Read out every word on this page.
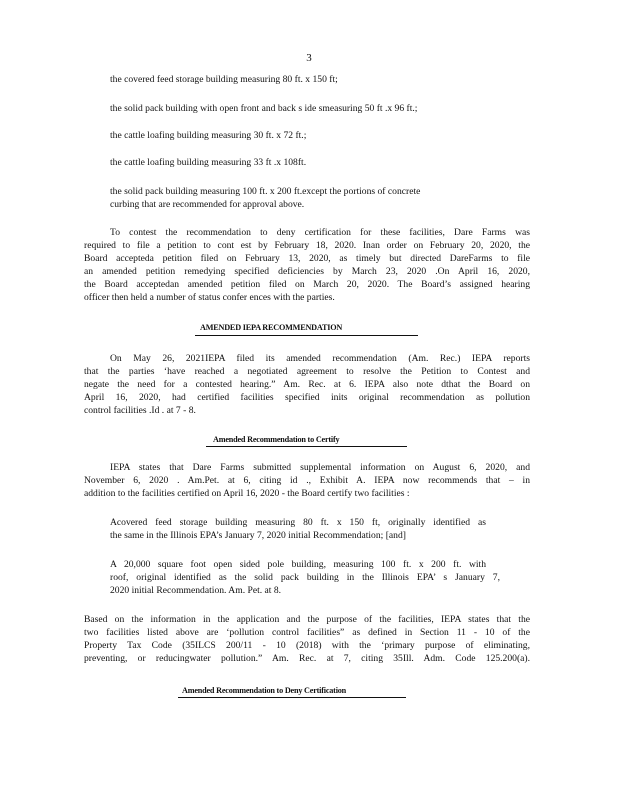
3
the covered feed storage building measuring 80 ft. x 150 ft;
the solid pack building with open front and back s ide smeasuring 50 ft .x 96 ft.;
the cattle loafing building measuring 30 ft. x 72 ft.;
the cattle loafing building measuring 33 ft .x 108ft.
the solid pack building measuring 100 ft. x 200 ft.except the portions of concrete
curbing that are recommended for approval above.
To contest the recommendation to deny certification for these facilities, Dare Farms was
required to file a petition to cont est by February 18, 2020. Inan order on February 20, 2020, the
Board accepteda petition filed on February 13, 2020, as timely but directed DareFarms to file
an amended petition remedying specified deficiencies by March 23, 2020 .On April 16, 2020,
the Board acceptedan amended petition filed on March 20, 2020. The Board’s assigned hearing
officer then held a number of status confer ences with the parties.
AMENDED IEPA RECOMMENDATION
On May 26, 2021IEPA filed its amended recommendation (Am. Rec.) IEPA reports
that the parties ‘have reached a negotiated agreement to resolve the Petition to Contest and
negate the need for a contested hearing.” Am. Rec. at 6. IEPA also note dthat the Board on
April 16, 2020, had certified facilities specified inits original recommendation as pollution
control facilities .Id . at 7 - 8.
Amended Recommendation to Certify
IEPA states that Dare Farms submitted supplemental information on August 6, 2020, and
November 6, 2020 . Am.Pet. at 6, citing id ., Exhibit A. IEPA now recommends that – in
addition to the facilities certified on April 16, 2020 - the Board certify two facilities :
Acovered feed storage building measuring 80 ft. x 150 ft, originally identified as
the same in the Illinois EPA’s January 7, 2020 initial Recommendation; [and]
A 20,000 square foot open sided pole building, measuring 100 ft. x 200 ft. with
roof, original identified as the solid pack building in the Illinois EPA’ s January 7,
2020 initial Recommendation. Am. Pet. at 8.
Based on the information in the application and the purpose of the facilities, IEPA states that the
two facilities listed above are ‘pollution control facilities” as defined in Section 11 - 10 of the
Property Tax Code (35ILCS 200/11 - 10 (2018) with the ‘primary purpose of eliminating,
preventing, or reducingwater pollution.” Am. Rec. at 7, citing 35Ill. Adm. Code 125.200(a).
Amended Recommendation to Deny Certification
